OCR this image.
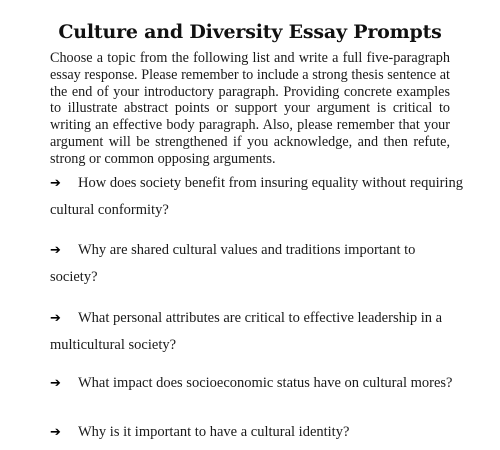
Culture and Diversity Essay Prompts
Choose a topic from the following list and write a full five-paragraph
essay response. Please remember to include a strong thesis sentence at
the end of your introductory paragraph. Providing concrete examples
to illustrate abstract points or support your argument is critical to
writing an effective body paragraph. Also, please remember that your
argument will be strengthened if you acknowledge, and then refute,
strong or common opposing arguments.
➔ How does society benefit from insuring equality without requiring
cultural conformity?
➔ Why are shared cultural values and traditions important to
society?
➔ What personal attributes are critical to effective leadership in a
multicultural society?
➔ What impact does socioeconomic status have on cultural mores?
➔ Why is it important to have a cultural identity?
